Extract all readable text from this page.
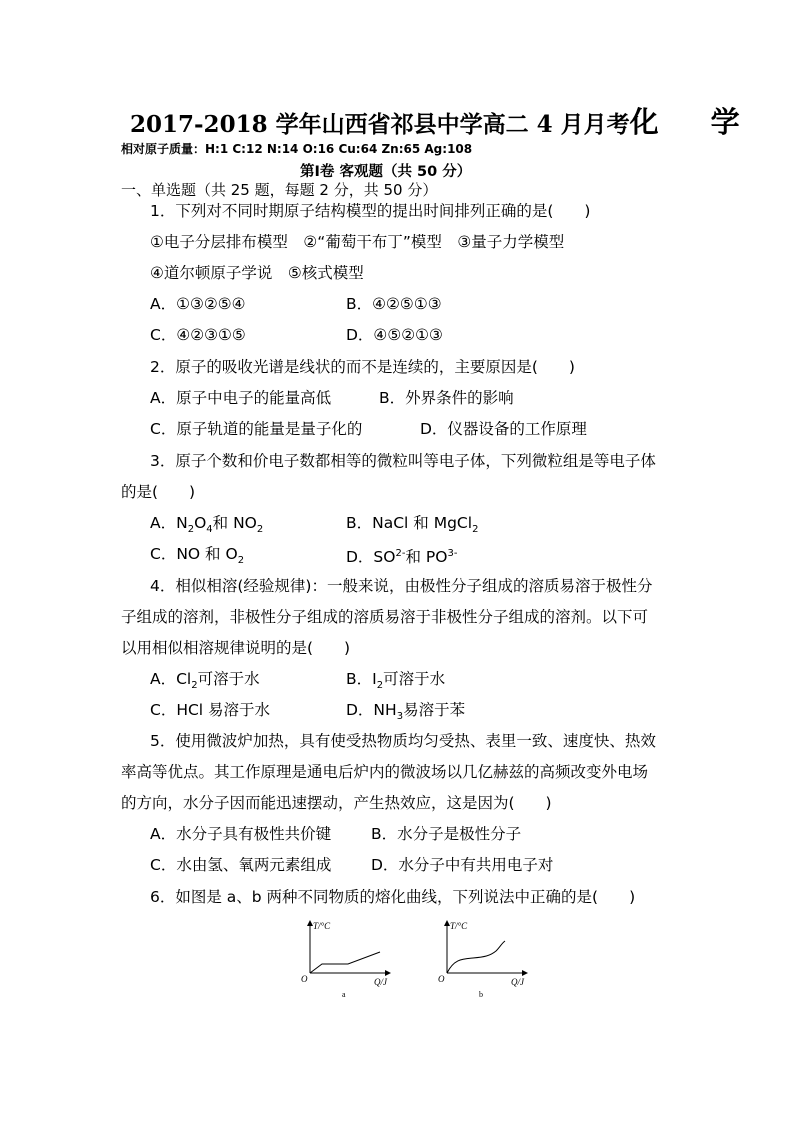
2017-2018 学年山西省祁县中学高二 4 月月考化 学
相对原子质量：H:1 C:12 N:14 O:16 Cu:64 Zn:65 Ag:108
第Ⅰ卷 客观题（共 50 分）
一、单选题（共 25 题，每题 2 分，共 50 分）
1．下列对不同时期原子结构模型的提出时间排列正确的是(　　)
①电子分层排布模型　②“葡萄干布丁”模型　③量子力学模型
④道尔顿原子学说　⑤核式模型
A．①③②⑤④	B．④②⑤①③
C．④②③①⑤	D．④⑤②①③
2．原子的吸收光谱是线状的而不是连续的，主要原因是(　　)
A．原子中电子的能量高低	B．外界条件的影响
C．原子轨道的能量是量子化的	D．仪器设备的工作原理
3．原子个数和价电子数都相等的微粒叫等电子体，下列微粒组是等电子体
的是(　　)
A．$N_2O_4$和 $NO_2$	B．NaCl 和 MgCl$_2$
C．NO 和 $O_2$	D．$SO^{2-}$和 $PO^{3-}$
4．相似相溶(经验规律)：一般来说，由极性分子组成的溶质易溶于极性分
子组成的溶剂，非极性分子组成的溶质易溶于非极性分子组成的溶剂。以下可
以用相似相溶规律说明的是(　　)
A．$Cl_2$可溶于水	B．$I_2$可溶于水
C．HCl 易溶于水	D．$NH_3$易溶于苯
5．使用微波炉加热，具有使受热物质均匀受热、表里一致、速度快、热效
率高等优点。其工作原理是通电后炉内的微波场以几亿赫兹的高频改变外电场
的方向，水分子因而能迅速摆动，产生热效应，这是因为(　　)
A．水分子具有极性共价键	B．水分子是极性分子
C．水由氢、氧两元素组成	D．水分子中有共用电子对
6．如图是 a、b 两种不同物质的熔化曲线，下列说法中正确的是(　　)
T/°C
O	Q/J
a
T/°C
O	Q/J
b
